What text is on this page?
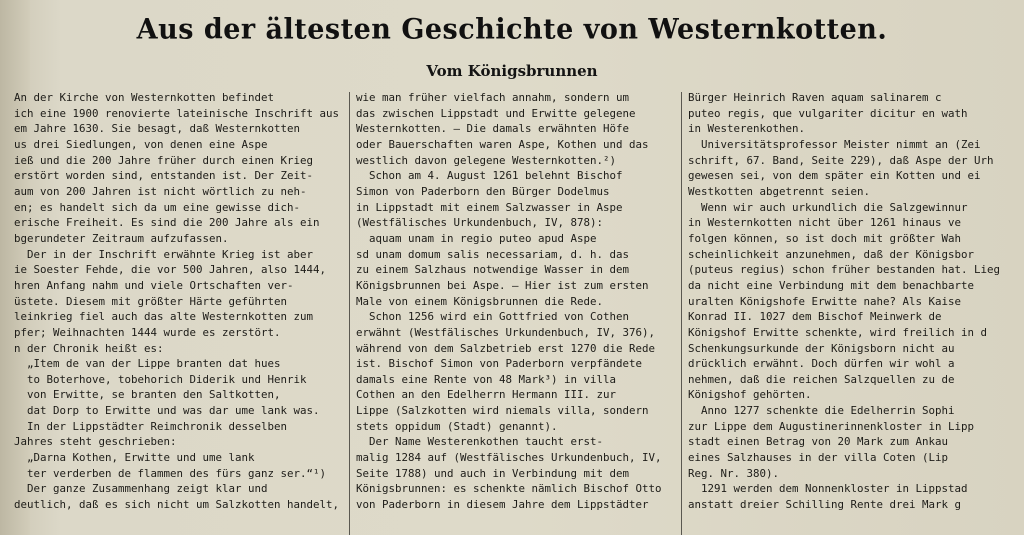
Aus der ältesten Geschichte von Westernkotten.
Vom Königsbrunnen
An der Kirche von Westernkotten befindet
ich eine 1900 renovierte lateinische Inschrift aus
em Jahre 1630. Sie besagt, daß Westernkotten
us drei Siedlungen, von denen eine Aspe
ieß und die 200 Jahre früher durch einen Krieg
erstört worden sind, entstanden ist. Der Zeit-
aum von 200 Jahren ist nicht wörtlich zu neh-
en; es handelt sich da um eine gewisse dich-
erische Freiheit. Es sind die 200 Jahre als ein
bgerundeter Zeitraum aufzufassen.
Der in der Inschrift erwähnte Krieg ist aber
ie Soester Fehde, die vor 500 Jahren, also 1444,
hren Anfang nahm und viele Ortschaften ver-
üstete. Diesem mit größter Härte geführten
leinkrieg fiel auch das alte Westernkotten zum
pfer; Weihnachten 1444 wurde es zerstört.
n der Chronik heißt es:
„Item de van der Lippe branten dat hues
to Boterhove, tobehorich Diderik und Henrik
von Erwitte, se branten den Saltkotten,
dat Dorp to Erwitte und was dar ume lank was.
In der Lippstädter Reimchronik desselben
Jahres steht geschrieben:
„Darna Kothen, Erwitte und ume lank
ter verderben de flammen des fürs ganz ser.“¹)
Der ganze Zusammenhang zeigt klar und
deutlich, daß es sich nicht um Salzkotten handelt,
wie man früher vielfach annahm, sondern um
das zwischen Lippstadt und Erwitte gelegene
Westernkotten. — Die damals erwähnten Höfe
oder Bauerschaften waren Aspe, Kothen und das
westlich davon gelegene Westernkotten.²)
Schon am 4. August 1261 belehnt Bischof
Simon von Paderborn den Bürger Dodelmus
in Lippstadt mit einem Salzwasser in Aspe
(Westfälisches Urkundenbuch, IV, 878):
aquam unam in regio puteo apud Aspe
sd unam domum salis necessariam, d. h. das
zu einem Salzhaus notwendige Wasser in dem
Königsbrunnen bei Aspe. — Hier ist zum ersten
Male von einem Königsbrunnen die Rede.
Schon 1256 wird ein Gottfried von Cothen
erwähnt (Westfälisches Urkundenbuch, IV, 376),
während von dem Salzbetrieb erst 1270 die Rede
ist. Bischof Simon von Paderborn verpfändete
damals eine Rente von 48 Mark³) in villa
Cothen an den Edelherrn Hermann III. zur
Lippe (Salzkotten wird niemals villa, sondern
stets oppidum (Stadt) genannt).
Der Name Westerenkothen taucht erst-
malig 1284 auf (Westfälisches Urkundenbuch, IV,
Seite 1788) und auch in Verbindung mit dem
Königsbrunnen: es schenkte nämlich Bischof Otto
von Paderborn in diesem Jahre dem Lippstädter
Bürger Heinrich Raven aquam salinarem c
puteo regis, que vulgariter dicitur en wath
in Westerenkothen.
Universitätsprofessor Meister nimmt an (Zei
schrift, 67. Band, Seite 229), daß Aspe der Urh
gewesen sei, von dem später ein Kotten und ei
Westkotten abgetrennt seien.
Wenn wir auch urkundlich die Salzgewinnur
in Westernkotten nicht über 1261 hinaus ve
folgen können, so ist doch mit größter Wah
scheinlichkeit anzunehmen, daß der Königsbor
(puteus regius) schon früher bestanden hat. Lieg
da nicht eine Verbindung mit dem benachbarte
uralten Königshofe Erwitte nahe? Als Kaise
Konrad II. 1027 dem Bischof Meinwerk de
Königshof Erwitte schenkte, wird freilich in d
Schenkungsurkunde der Königsborn nicht au
drücklich erwähnt. Doch dürfen wir wohl a
nehmen, daß die reichen Salzquellen zu de
Königshof gehörten.
Anno 1277 schenkte die Edelherrin Sophi
zur Lippe dem Augustinerinnenkloster in Lipp
stadt einen Betrag von 20 Mark zum Ankau
eines Salzhauses in der villa Coten (Lip
Reg. Nr. 380).
1291 werden dem Nonnenkloster in Lippstad
anstatt dreier Schilling Rente drei Mark g
